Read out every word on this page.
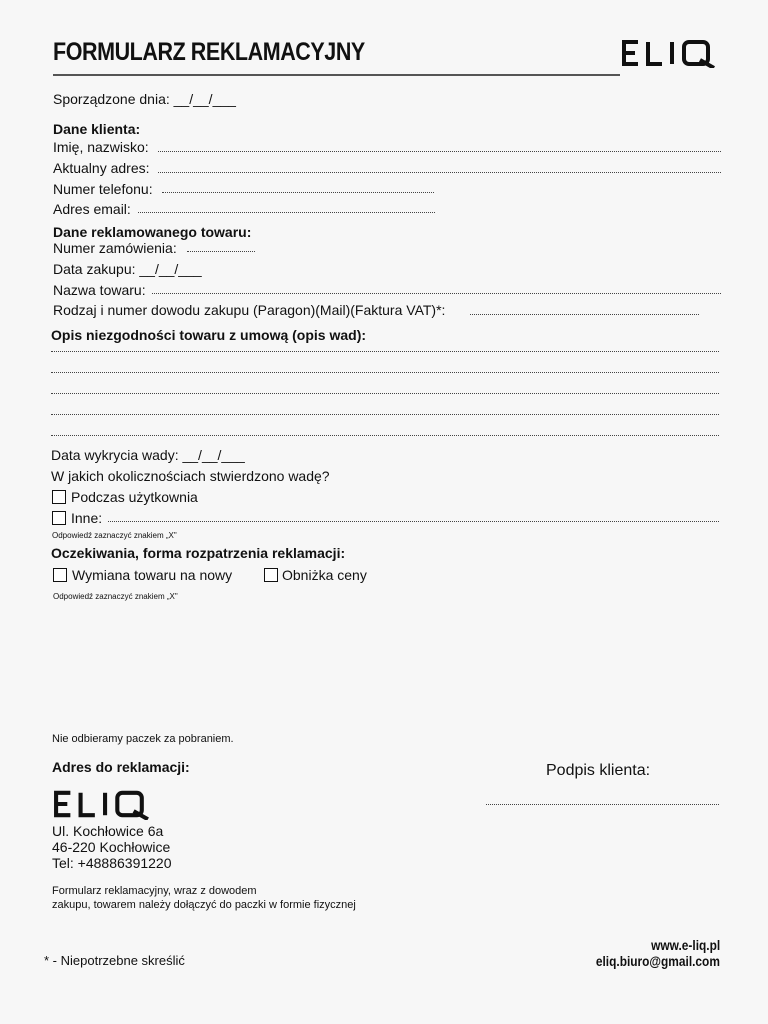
FORMULARZ REKLAMACYJNY
Sporządzone dnia: __/__/___
Dane klienta:
Imię, nazwisko:
Aktualny adres:
Numer telefonu:
Adres email:
Dane reklamowanego towaru:
Numer zamówienia:
Data zakupu: __/__/___
Nazwa towaru:
Rodzaj i numer dowodu zakupu (Paragon)(Mail)(Faktura VAT)*:
Opis niezgodności towaru z umową (opis wad):
Data wykrycia wady: __/__/___
W jakich okolicznościach stwierdzono wadę?
Podczas użytkownia
Inne:
Odpowiedź zaznaczyć znakiem „X"
Oczekiwania, forma rozpatrzenia reklamacji:
Wymiana towaru na nowy	Obniżka ceny
Odpowiedź zaznaczyć znakiem „X"
Nie odbieramy paczek za pobraniem.
Adres do reklamacji:
Ul. Kochłowice 6a
46-220 Kochłowice
Tel: +48886391220
Podpis klienta:
Formularz reklamacyjny, wraz z dowodem
zakupu, towarem należy dołączyć do paczki w formie fizycznej
* - Niepotrzebne skreślić
www.e-liq.pl
eliq.biuro@gmail.com
